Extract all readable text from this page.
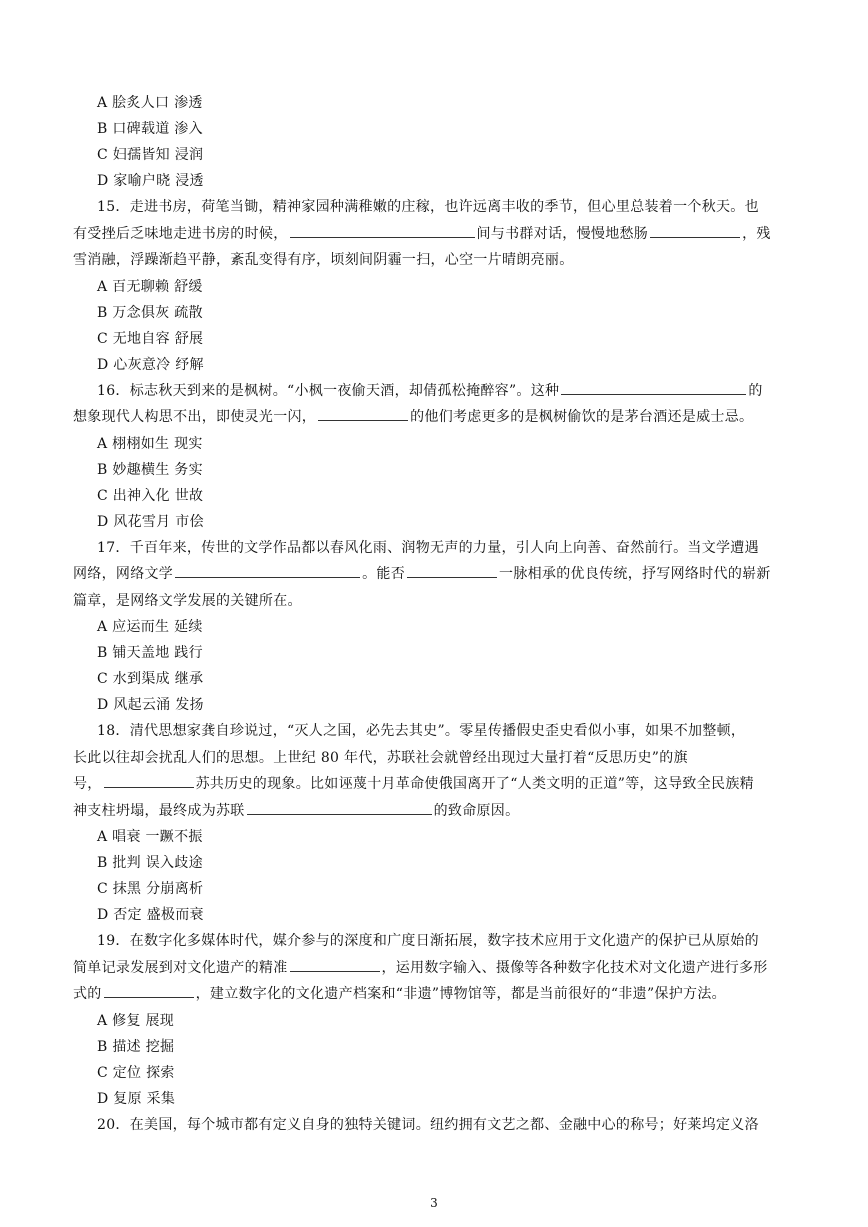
A 脍炙人口 渗透
B 口碑载道 渗入
C 妇孺皆知 浸润
D 家喻户晓 浸透
15．走进书房，荷笔当锄，精神家园种满稚嫩的庄稼，也许远离丰收的季节，但心里总装着一个秋天。也
有受挫后乏味地走进书房的时候，	间与书群对话，慢慢地愁肠	，残
雪消融，浮躁渐趋平静，紊乱变得有序，顷刻间阴霾一扫，心空一片晴朗亮丽。
A 百无聊赖 舒缓
B 万念俱灰 疏散
C 无地自容 舒展
D 心灰意冷 纾解
16．标志秋天到来的是枫树。“小枫一夜偷天酒，却倩孤松掩醉容”。这种	的
想象现代人构思不出，即使灵光一闪，	的他们考虑更多的是枫树偷饮的是茅台酒还是威士忌。
A 栩栩如生 现实
B 妙趣横生 务实
C 出神入化 世故
D 风花雪月 市侩
17．千百年来，传世的文学作品都以春风化雨、润物无声的力量，引人向上向善、奋然前行。当文学遭遇
网络，网络文学	。能否	一脉相承的优良传统，抒写网络时代的崭新
篇章，是网络文学发展的关键所在。
A 应运而生 延续
B 铺天盖地 践行
C 水到渠成 继承
D 风起云涌 发扬
18．清代思想家龚自珍说过，“灭人之国，必先去其史”。零星传播假史歪史看似小事，如果不加整顿，
长此以往却会扰乱人们的思想。上世纪 80 年代，苏联社会就曾经出现过大量打着“反思历史”的旗
号，	苏共历史的现象。比如诬蔑十月革命使俄国离开了“人类文明的正道”等，这导致全民族精
神支柱坍塌，最终成为苏联	的致命原因。
A 唱衰 一蹶不振
B 批判 误入歧途
C 抹黑 分崩离析
D 否定 盛极而衰
19．在数字化多媒体时代，媒介参与的深度和广度日渐拓展，数字技术应用于文化遗产的保护已从原始的
简单记录发展到对文化遗产的精准	，运用数字输入、摄像等各种数字化技术对文化遗产进行多形
式的	，建立数字化的文化遗产档案和“非遗”博物馆等，都是当前很好的“非遗”保护方法。
A 修复 展现
B 描述 挖掘
C 定位 探索
D 复原 采集
20．在美国，每个城市都有定义自身的独特关键词。纽约拥有文艺之都、金融中心的称号；好莱坞定义洛
3
